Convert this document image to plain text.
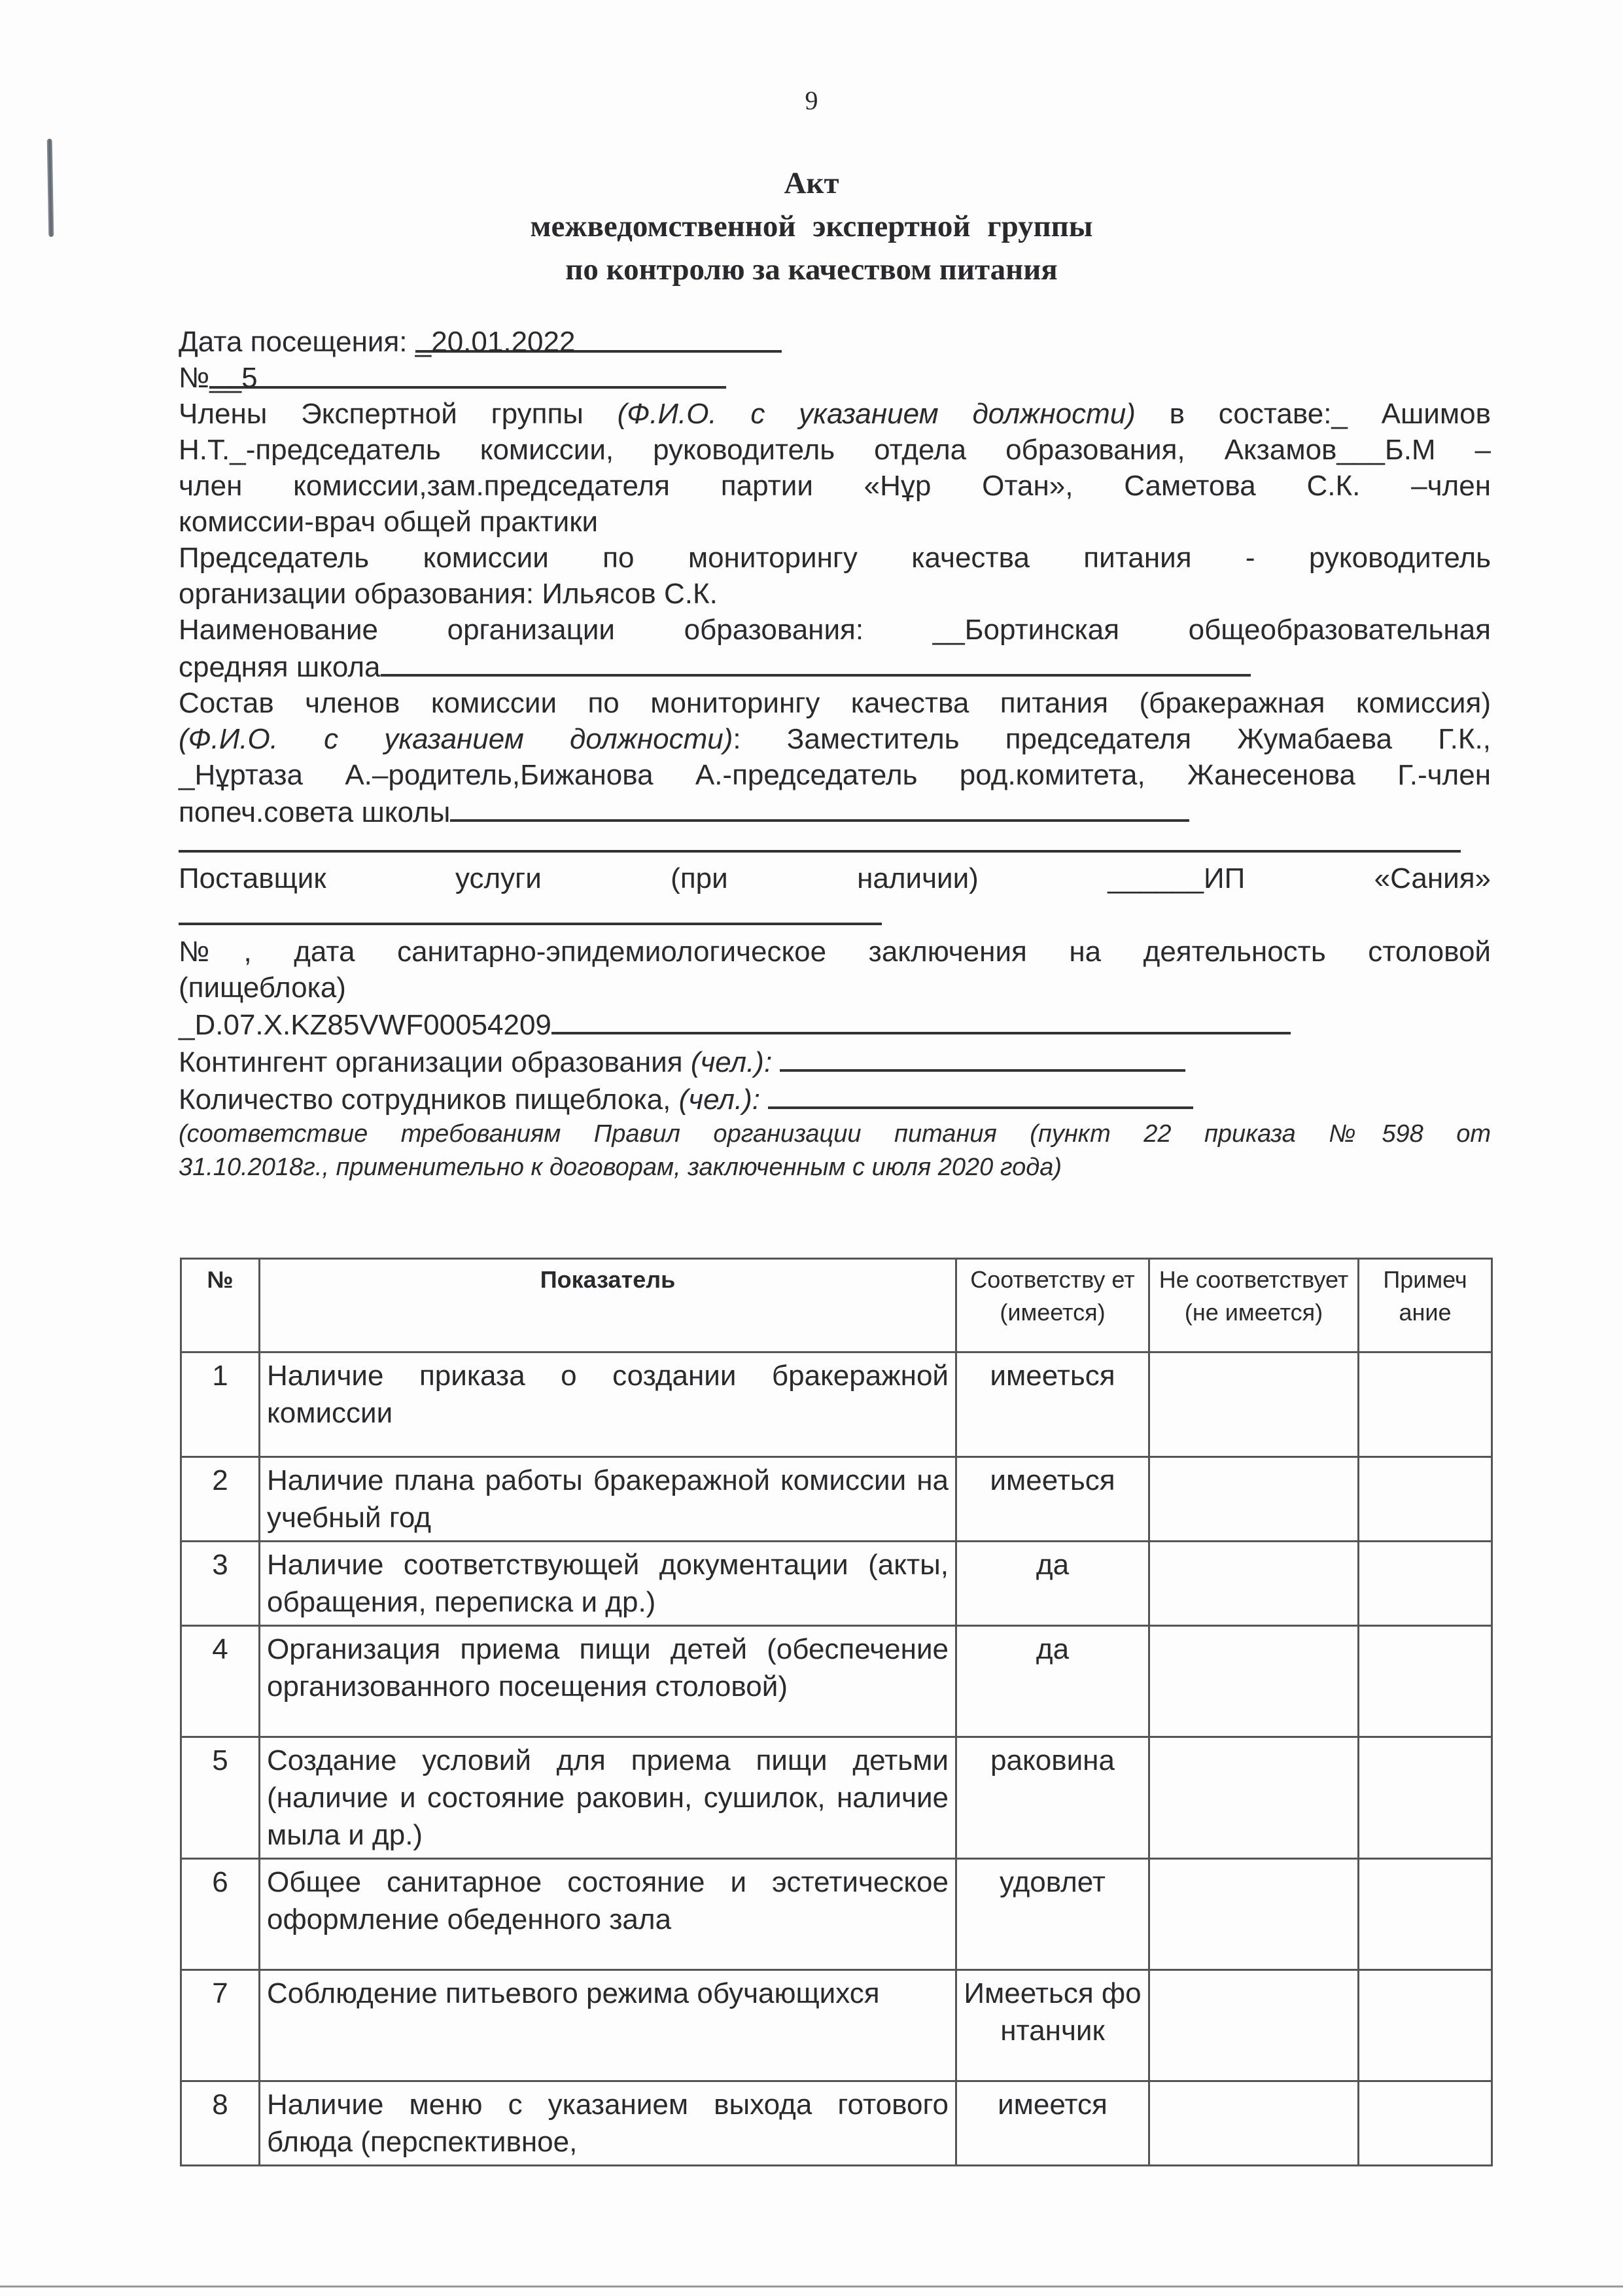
9
Акт
межведомственной экспертной группы
по контролю за качеством питания
Дата посещения: _20.01.2022
№__5
Члены Экспертной группы (Ф.И.О. с указанием должности) в составе:_ Ашимов
Н.Т._-председатель комиссии, руководитель отдела образования, Акзамов___Б.М –
член комиссии,зам.председателя партии «Нұр Отан», Саметова С.К. –член
комиссии-врач общей практики
Председатель комиссии по мониторингу качества питания - руководитель
организации образования: Ильясов С.К.
Наименование организации образования: __Бортинская общеобразовательная
средняя школа
Состав членов комиссии по мониторингу качества питания (бракеражная комиссия)
(Ф.И.О. с указанием должности): Заместитель председателя Жумабаева Г.К.,
_Нұртаза А.–родитель,Бижанова А.-председатель род.комитета, Жанесенова Г.-член
попеч.совета школы
Поставщик	услуги	(при	наличии)	______ИП	«Сания»
№, дата санитарно-эпидемиологическое заключения на деятельность столовой
(пищеблока)
_D.07.X.KZ85VWF00054209
Контингент организации образования (чел.):
Количество сотрудников пищеблока, (чел.):
(соответствие требованиям Правил организации питания (пункт 22 приказа №598 от
31.10.2018г., применительно к договорам, заключенным с июля 2020 года)
№	Показатель	Соответству ет (имеется)	Не соответствует (не имеется)	Примеч ание
1	Наличие приказа о создании бракеражной комиссии	имееться		
2	Наличие плана работы бракеражной комиссии на учебный год	имееться		
3	Наличие соответствующей документации (акты, обращения, переписка и др.)	да		
4	Организация приема пищи детей (обеспечение организованного посещения столовой)	да		
5	Создание условий для приема пищи детьми (наличие и состояние раковин, сушилок, наличие мыла и др.)	раковина		
6	Общее санитарное состояние и эстетическое оформление обеденного зала	удовлет		
7	Соблюдение питьевого режима обучающихся	Имееться фонтанчик		
8	Наличие меню с указанием выхода готового блюда (перспективное,	имеется		
